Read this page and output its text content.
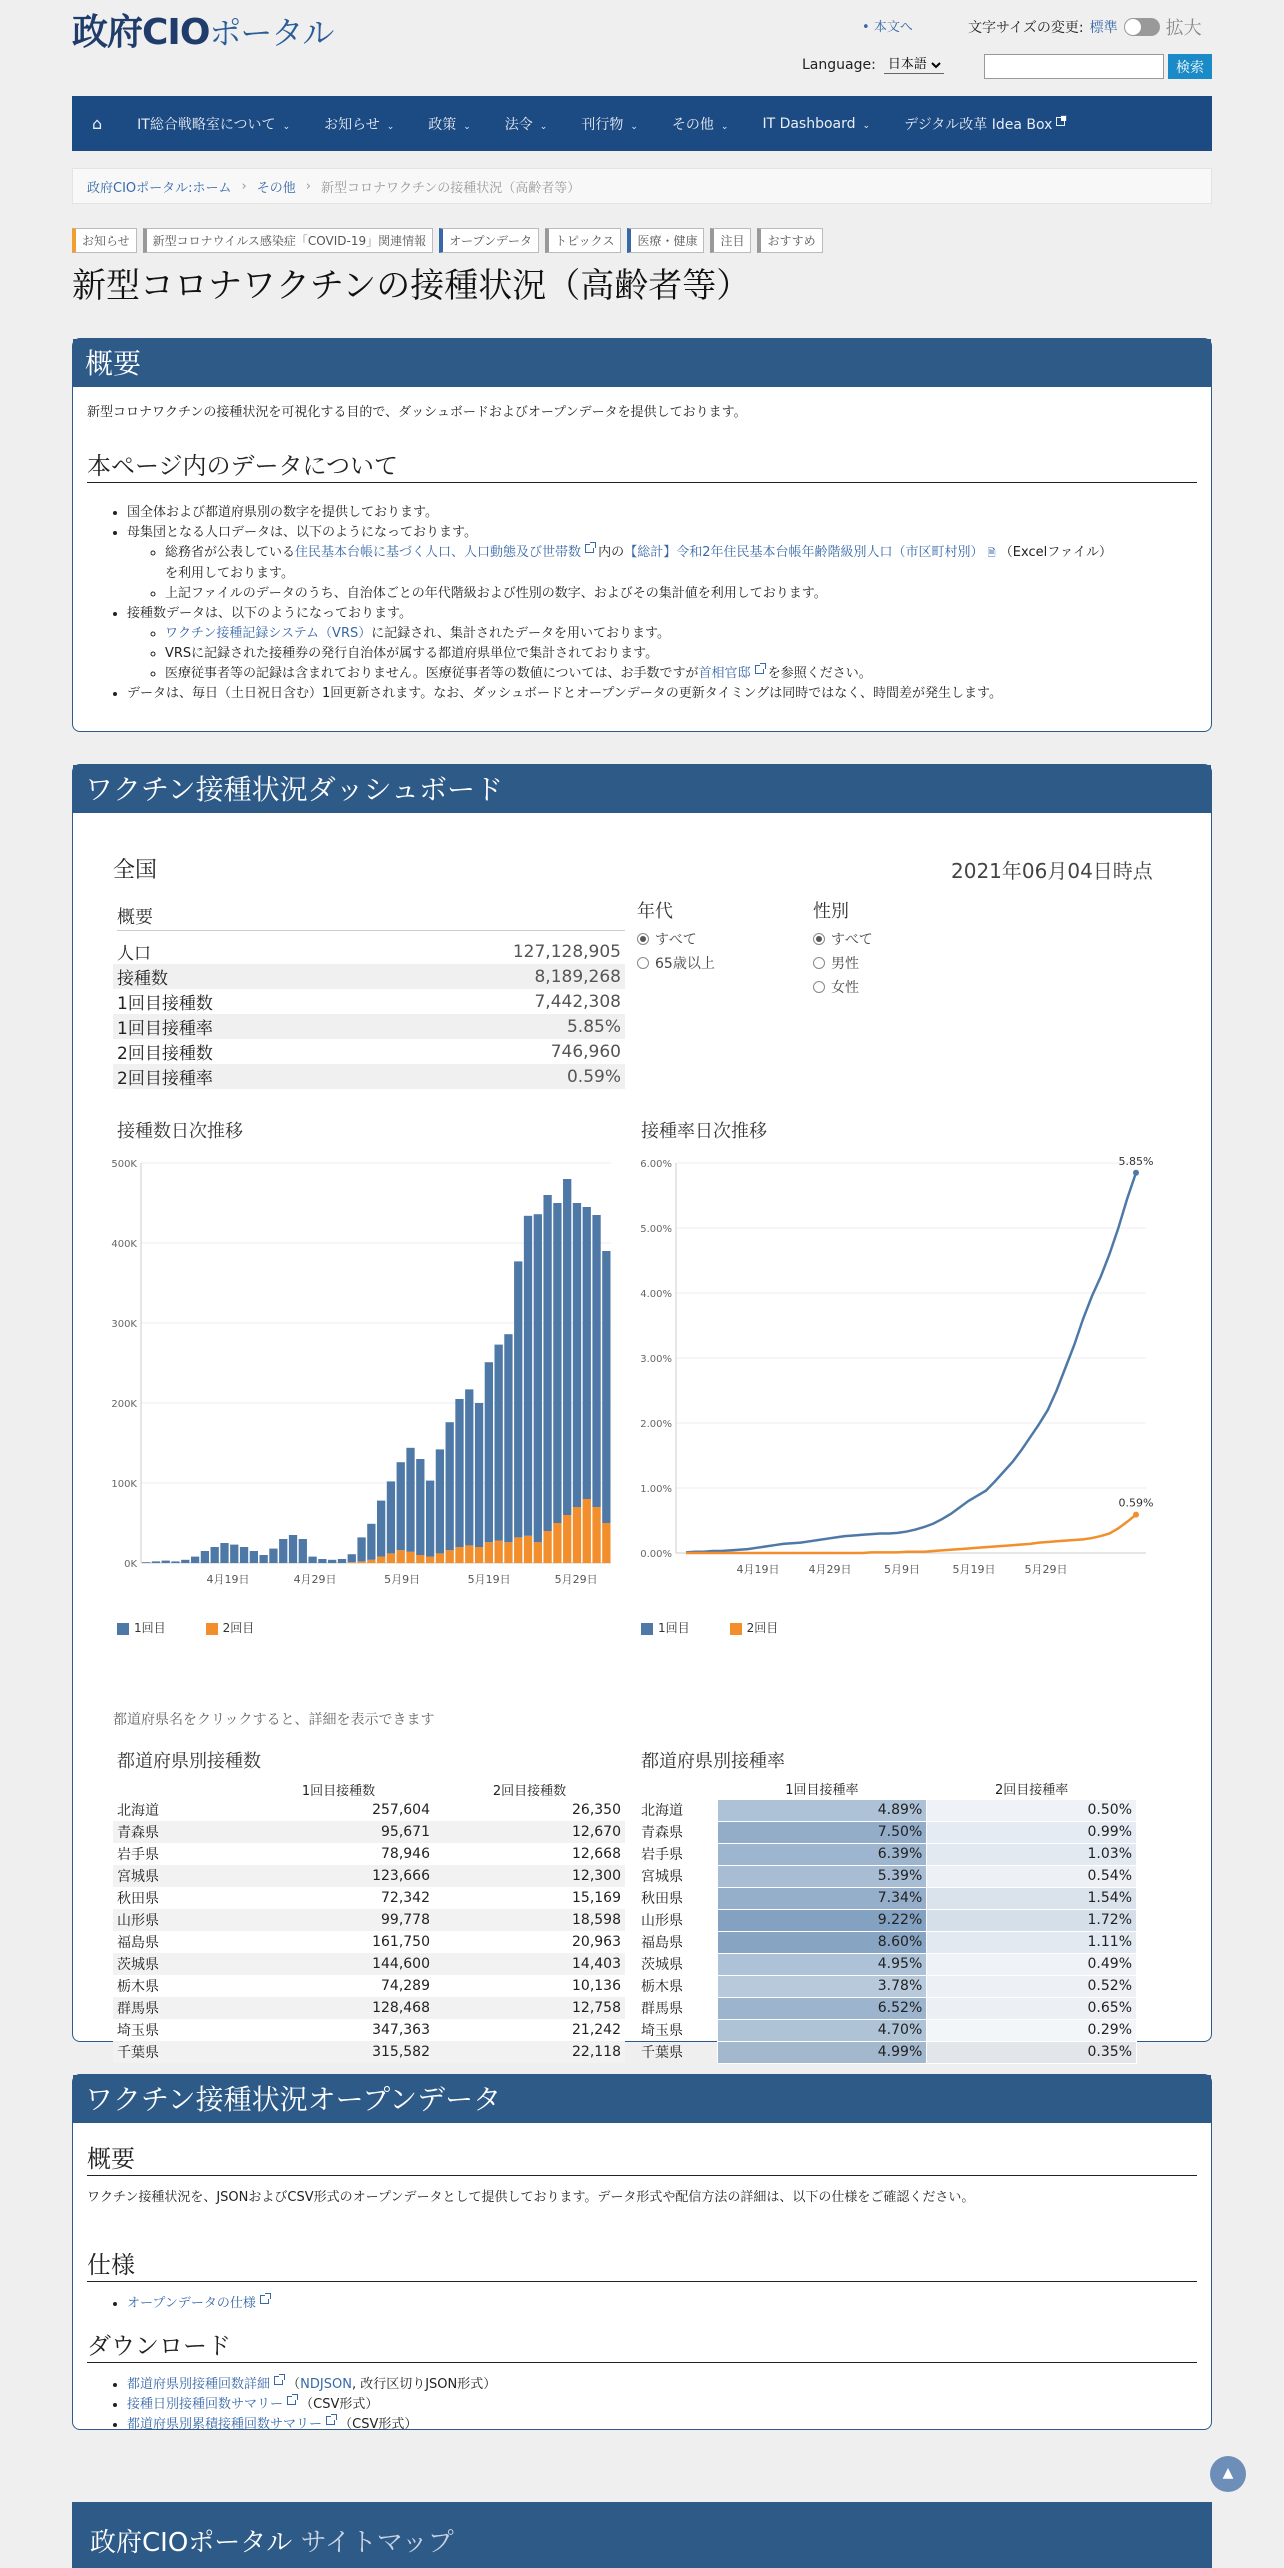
政府CIOポータル	• 本文へ	文字サイズの変更: 標準	拡大
Language:
日本語	検索
⌂	IT総合戦略室について ⌄	お知らせ ⌄	政策 ⌄	法令 ⌄	刊行物 ⌄	その他 ⌄	IT Dashboard ⌄	デジタル改革 Idea Box
政府CIOポータル:ホーム › その他 › 新型コロナワクチンの接種状況（高齢者等）
お知らせ	新型コロナウイルス感染症「COVID-19」関連情報	オープンデータ	トピックス	医療・健康	注目	おすすめ
新型コロナワクチンの接種状況（高齢者等）
概要

新型コロナワクチンの接種状況を可視化する目的で、ダッシュボードおよびオープンデータを提供しております。

本ページ内のデータについて
• 国全体および都道府県別の数字を提供しております。
• 母集団となる人口データは、以下のようになっております。
◦ 総務省が公表している住民基本台帳に基づく人口、人口動態及び世帯数 内の【総計】令和2年住民基本台帳年齢階級別人口（市区町村別） 🗎 （Excelファイル）
を利用しております。
◦ 上記ファイルのデータのうち、自治体ごとの年代階級および性別の数字、およびその集計値を利用しております。
• 接種数データは、以下のようになっております。
◦ ワクチン接種記録システム（VRS）に記録され、集計されたデータを用いております。
◦ VRSに記録された接種券の発行自治体が属する都道府県単位で集計されております。
◦ 医療従事者等の記録は含まれておりません。医療従事者等の数値については、お手数ですが首相官邸 を参照ください。
• データは、毎日（土日祝日含む）1回更新されます。なお、ダッシュボードとオープンデータの更新タイミングは同時ではなく、時間差が発生します。
ワクチン接種状況ダッシュボード
全国	2021年06月04日時点
概要
人口	127,128,905
接種数	8,189,268
1回目接種数	7,442,308
1回目接種率	5.85%
2回目接種数	746,960
2回目接種率	0.59%
年代
すべて
65歳以上
性別
すべて
男性
女性
接種数日次推移	接種率日次推移
0K
100K
200K
300K
400K
500K
4月19日	4月29日	5月9日	5月19日	5月29日
0.00%
1.00%
2.00%
3.00%
4.00%
5.00%
6.00%	5.85%
0.59%
4月19日	4月29日	5月9日	5月19日	5月29日
1回目	2回目	1回目	2回目
都道府県名をクリックすると、詳細を表示できます
都道府県別接種数	都道府県別接種率
	1回目接種数	2回目接種数
北海道	257,604	26,350
青森県	95,671	12,670
岩手県	78,946	12,668
宮城県	123,666	12,300
秋田県	72,342	15,169
山形県	99,778	18,598
福島県	161,750	20,963
茨城県	144,600	14,403
栃木県	74,289	10,136
群馬県	128,468	12,758
埼玉県	347,363	21,242
千葉県	315,582	22,118
	1回目接種率	2回目接種率
北海道	4.89%	0.50%
青森県	7.50%	0.99%
岩手県	6.39%	1.03%
宮城県	5.39%	0.54%
秋田県	7.34%	1.54%
山形県	9.22%	1.72%
福島県	8.60%	1.11%
茨城県	4.95%	0.49%
栃木県	3.78%	0.52%
群馬県	6.52%	0.65%
埼玉県	4.70%	0.29%
千葉県	4.99%	0.35%
ワクチン接種状況オープンデータ
概要

ワクチン接種状況を、JSONおよびCSV形式のオープンデータとして提供しております。データ形式や配信方法の詳細は、以下の仕様をご確認ください。

仕様
• オープンデータの仕様
ダウンロード
• 都道府県別接種回数詳細 （NDJSON, 改行区切りJSON形式）
• 接種日別接種回数サマリー （CSV形式）
• 都道府県別累積接種回数サマリー （CSV形式）
▲
政府CIOポータル サイトマップ
